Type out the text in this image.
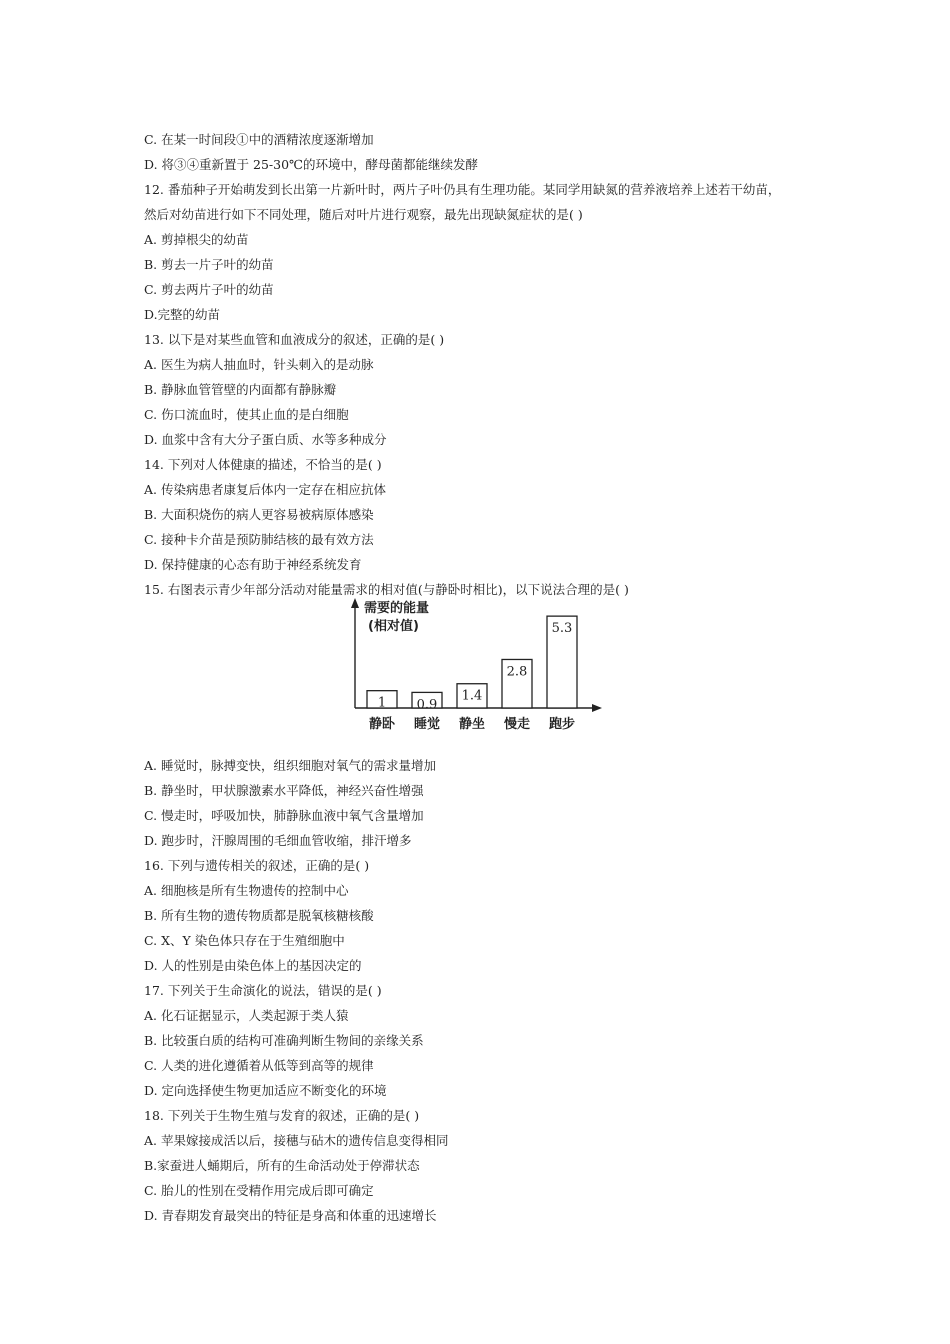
C. 在某一时间段①中的酒精浓度逐渐增加
D. 将③④重新置于 25-30℃的环境中，酵母菌都能继续发酵
12. 番茄种子开始萌发到长出第一片新叶时，两片子叶仍具有生理功能。某同学用缺氮的营养液培养上述若干幼苗，
然后对幼苗进行如下不同处理，随后对叶片进行观察，最先出现缺氮症状的是( )
A. 剪掉根尖的幼苗
B. 剪去一片子叶的幼苗
C. 剪去两片子叶的幼苗
D.完整的幼苗
13. 以下是对某些血管和血液成分的叙述，正确的是( )
A. 医生为病人抽血时，针头刺入的是动脉
B. 静脉血管管壁的内面都有静脉瓣
C. 伤口流血时，使其止血的是白细胞
D. 血浆中含有大分子蛋白质、水等多种成分
14. 下列对人体健康的描述，不恰当的是( )
A. 传染病患者康复后体内一定存在相应抗体
B. 大面积烧伤的病人更容易被病原体感染
C. 接种卡介苗是预防肺结核的最有效方法
D. 保持健康的心态有助于神经系统发育
15. 右图表示青少年部分活动对能量需求的相对值(与静卧时相比)，以下说法合理的是( )
A. 睡觉时，脉搏变快，组织细胞对氧气的需求量增加
B. 静坐时，甲状腺激素水平降低，神经兴奋性增强
C. 慢走时，呼吸加快，肺静脉血液中氧气含量增加
D. 跑步时，汗腺周围的毛细血管收缩，排汗增多
16. 下列与遗传相关的叙述，正确的是( )
A. 细胞核是所有生物遗传的控制中心
B. 所有生物的遗传物质都是脱氧核糖核酸
C. X、Y 染色体只存在于生殖细胞中
D. 人的性别是由染色体上的基因决定的
17. 下列关于生命演化的说法，错误的是( )
A. 化石证据显示，人类起源于类人猿
B. 比较蛋白质的结构可准确判断生物间的亲缘关系
C. 人类的进化遵循着从低等到高等的规律
D. 定向选择使生物更加适应不断变化的环境
18. 下列关于生物生殖与发育的叙述，正确的是( )
A. 苹果嫁接成活以后，接穗与砧木的遗传信息变得相同
B.家蚕进人蛹期后，所有的生命活动处于停滞状态
C. 胎儿的性别在受精作用完成后即可确定
D. 青春期发育最突出的特征是身高和体重的迅速增长
需要的能量
(相对值)
1
静卧
0.9
睡觉
1.4
静坐
2.8
慢走
5.3
跑步
